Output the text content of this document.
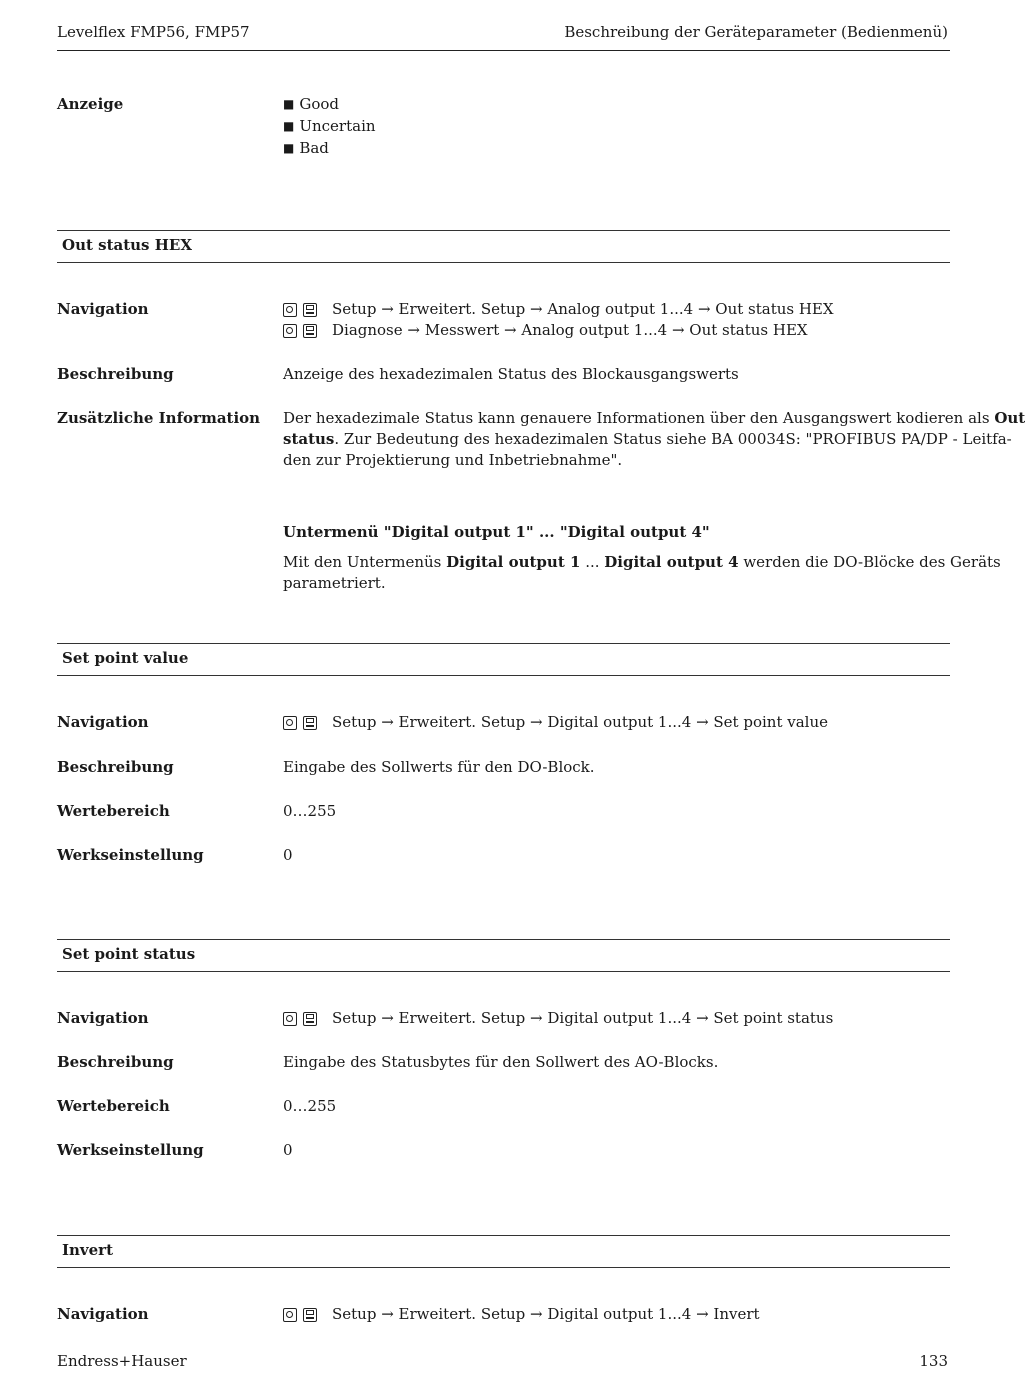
Levelflex FMP56, FMP57	Beschreibung der Geräteparameter (Bedienmenü)
Anzeige	■ Good
■ Uncertain
■ Bad
Out status HEX
Navigation	Setup → Erweitert. Setup → Analog output 1...4 → Out status HEX
Diagnose → Messwert → Analog output 1...4 → Out status HEX
Beschreibung	Anzeige des hexadezimalen Status des Blockausgangswerts
Zusätzliche Information	Der hexadezimale Status kann genauere Informationen über den Ausgangswert kodieren als Out
status. Zur Bedeutung des hexadezimalen Status siehe BA 00034S: "PROFIBUS PA/DP - Leitfa-
den zur Projektierung und Inbetriebnahme".
Untermenü "Digital output 1" ... "Digital output 4"
Mit den Untermenüs Digital output 1 ... Digital output 4 werden die DO-Blöcke des Geräts
parametriert.
Set point value
Navigation	Setup → Erweitert. Setup → Digital output 1...4 → Set point value
Beschreibung	Eingabe des Sollwerts für den DO-Block.
Wertebereich	0…255
Werkseinstellung	0
Set point status
Navigation	Setup → Erweitert. Setup → Digital output 1...4 → Set point status
Beschreibung	Eingabe des Statusbytes für den Sollwert des AO-Blocks.
Wertebereich	0…255
Werkseinstellung	0
Invert
Navigation	Setup → Erweitert. Setup → Digital output 1...4 → Invert
Endress+Hauser	133
